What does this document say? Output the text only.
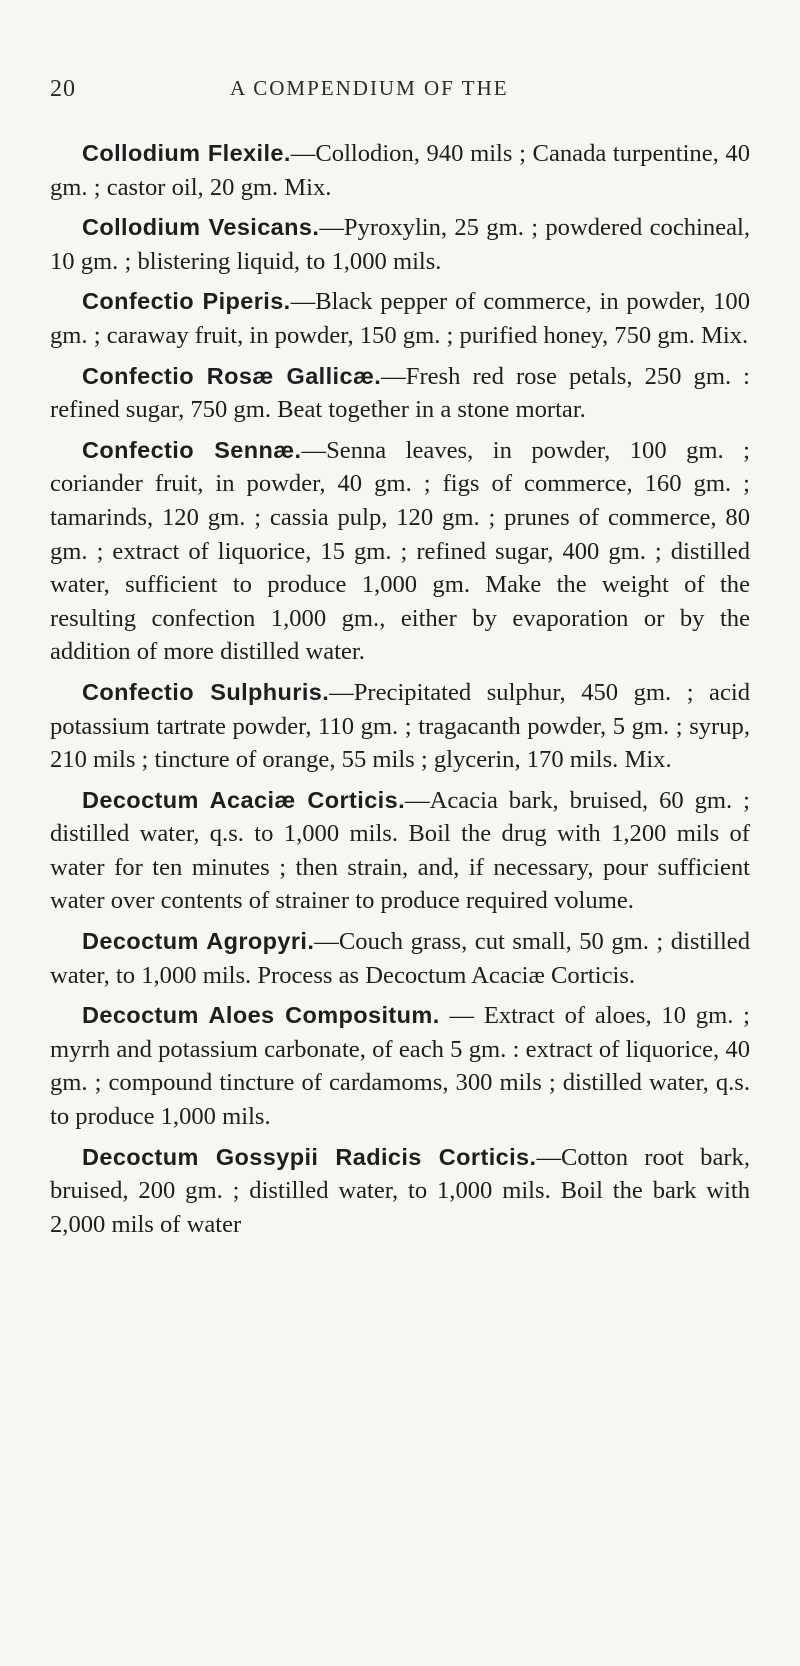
20	A COMPENDIUM OF THE

Collodium Flexile.—Collodion, 940 mils ; Canada turpentine, 40 gm. ; castor oil, 20 gm. Mix.

Collodium Vesicans.—Pyroxylin, 25 gm. ; powdered cochineal, 10 gm. ; blistering liquid, to 1,000 mils.

Confectio Piperis.—Black pepper of commerce, in powder, 100 gm. ; caraway fruit, in powder, 150 gm. ; purified honey, 750 gm. Mix.

Confectio Rosæ Gallicæ.—Fresh red rose petals, 250 gm. : refined sugar, 750 gm. Beat together in a stone mortar.

Confectio Sennæ.—Senna leaves, in powder, 100 gm. ; coriander fruit, in powder, 40 gm. ; figs of commerce, 160 gm. ; tamarinds, 120 gm. ; cassia pulp, 120 gm. ; prunes of commerce, 80 gm. ; extract of liquorice, 15 gm. ; refined sugar, 400 gm. ; distilled water, sufficient to produce 1,000 gm. Make the weight of the resulting confection 1,000 gm., either by evaporation or by the addition of more distilled water.

Confectio Sulphuris.—Precipitated sulphur, 450 gm. ; acid potassium tartrate powder, 110 gm. ; tragacanth powder, 5 gm. ; syrup, 210 mils ; tincture of orange, 55 mils ; glycerin, 170 mils. Mix.

Decoctum Acaciæ Corticis.—Acacia bark, bruised, 60 gm. ; distilled water, q.s. to 1,000 mils. Boil the drug with 1,200 mils of water for ten minutes ; then strain, and, if necessary, pour sufficient water over contents of strainer to produce required volume.

Decoctum Agropyri.—Couch grass, cut small, 50 gm. ; distilled water, to 1,000 mils. Process as Decoctum Acaciæ Corticis.

Decoctum Aloes Compositum. — Extract of aloes, 10 gm. ; myrrh and potassium carbonate, of each 5 gm. : extract of liquorice, 40 gm. ; compound tincture of cardamoms, 300 mils ; distilled water, q.s. to produce 1,000 mils.

Decoctum Gossypii Radicis Corticis.—Cotton root bark, bruised, 200 gm. ; distilled water, to 1,000 mils. Boil the bark with 2,000 mils of water
